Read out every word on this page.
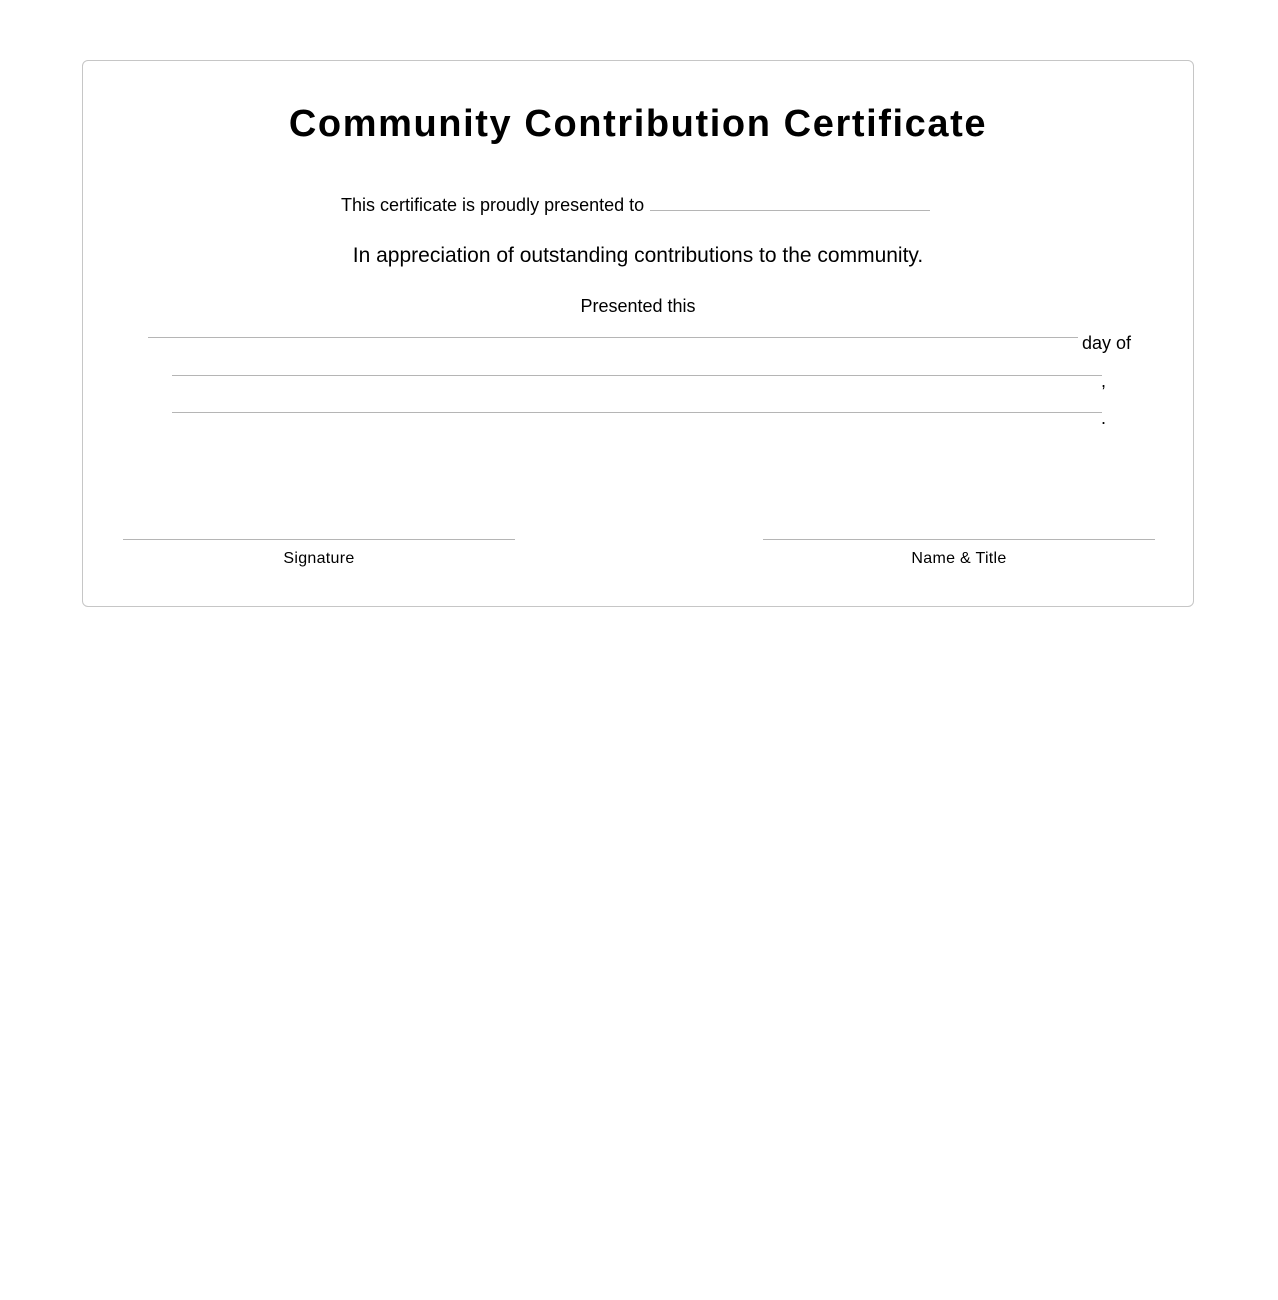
Community Contribution Certificate
This certificate is proudly presented to
In appreciation of outstanding contributions to the community.
Presented this
day of
,
.
Signature	Name & Title
